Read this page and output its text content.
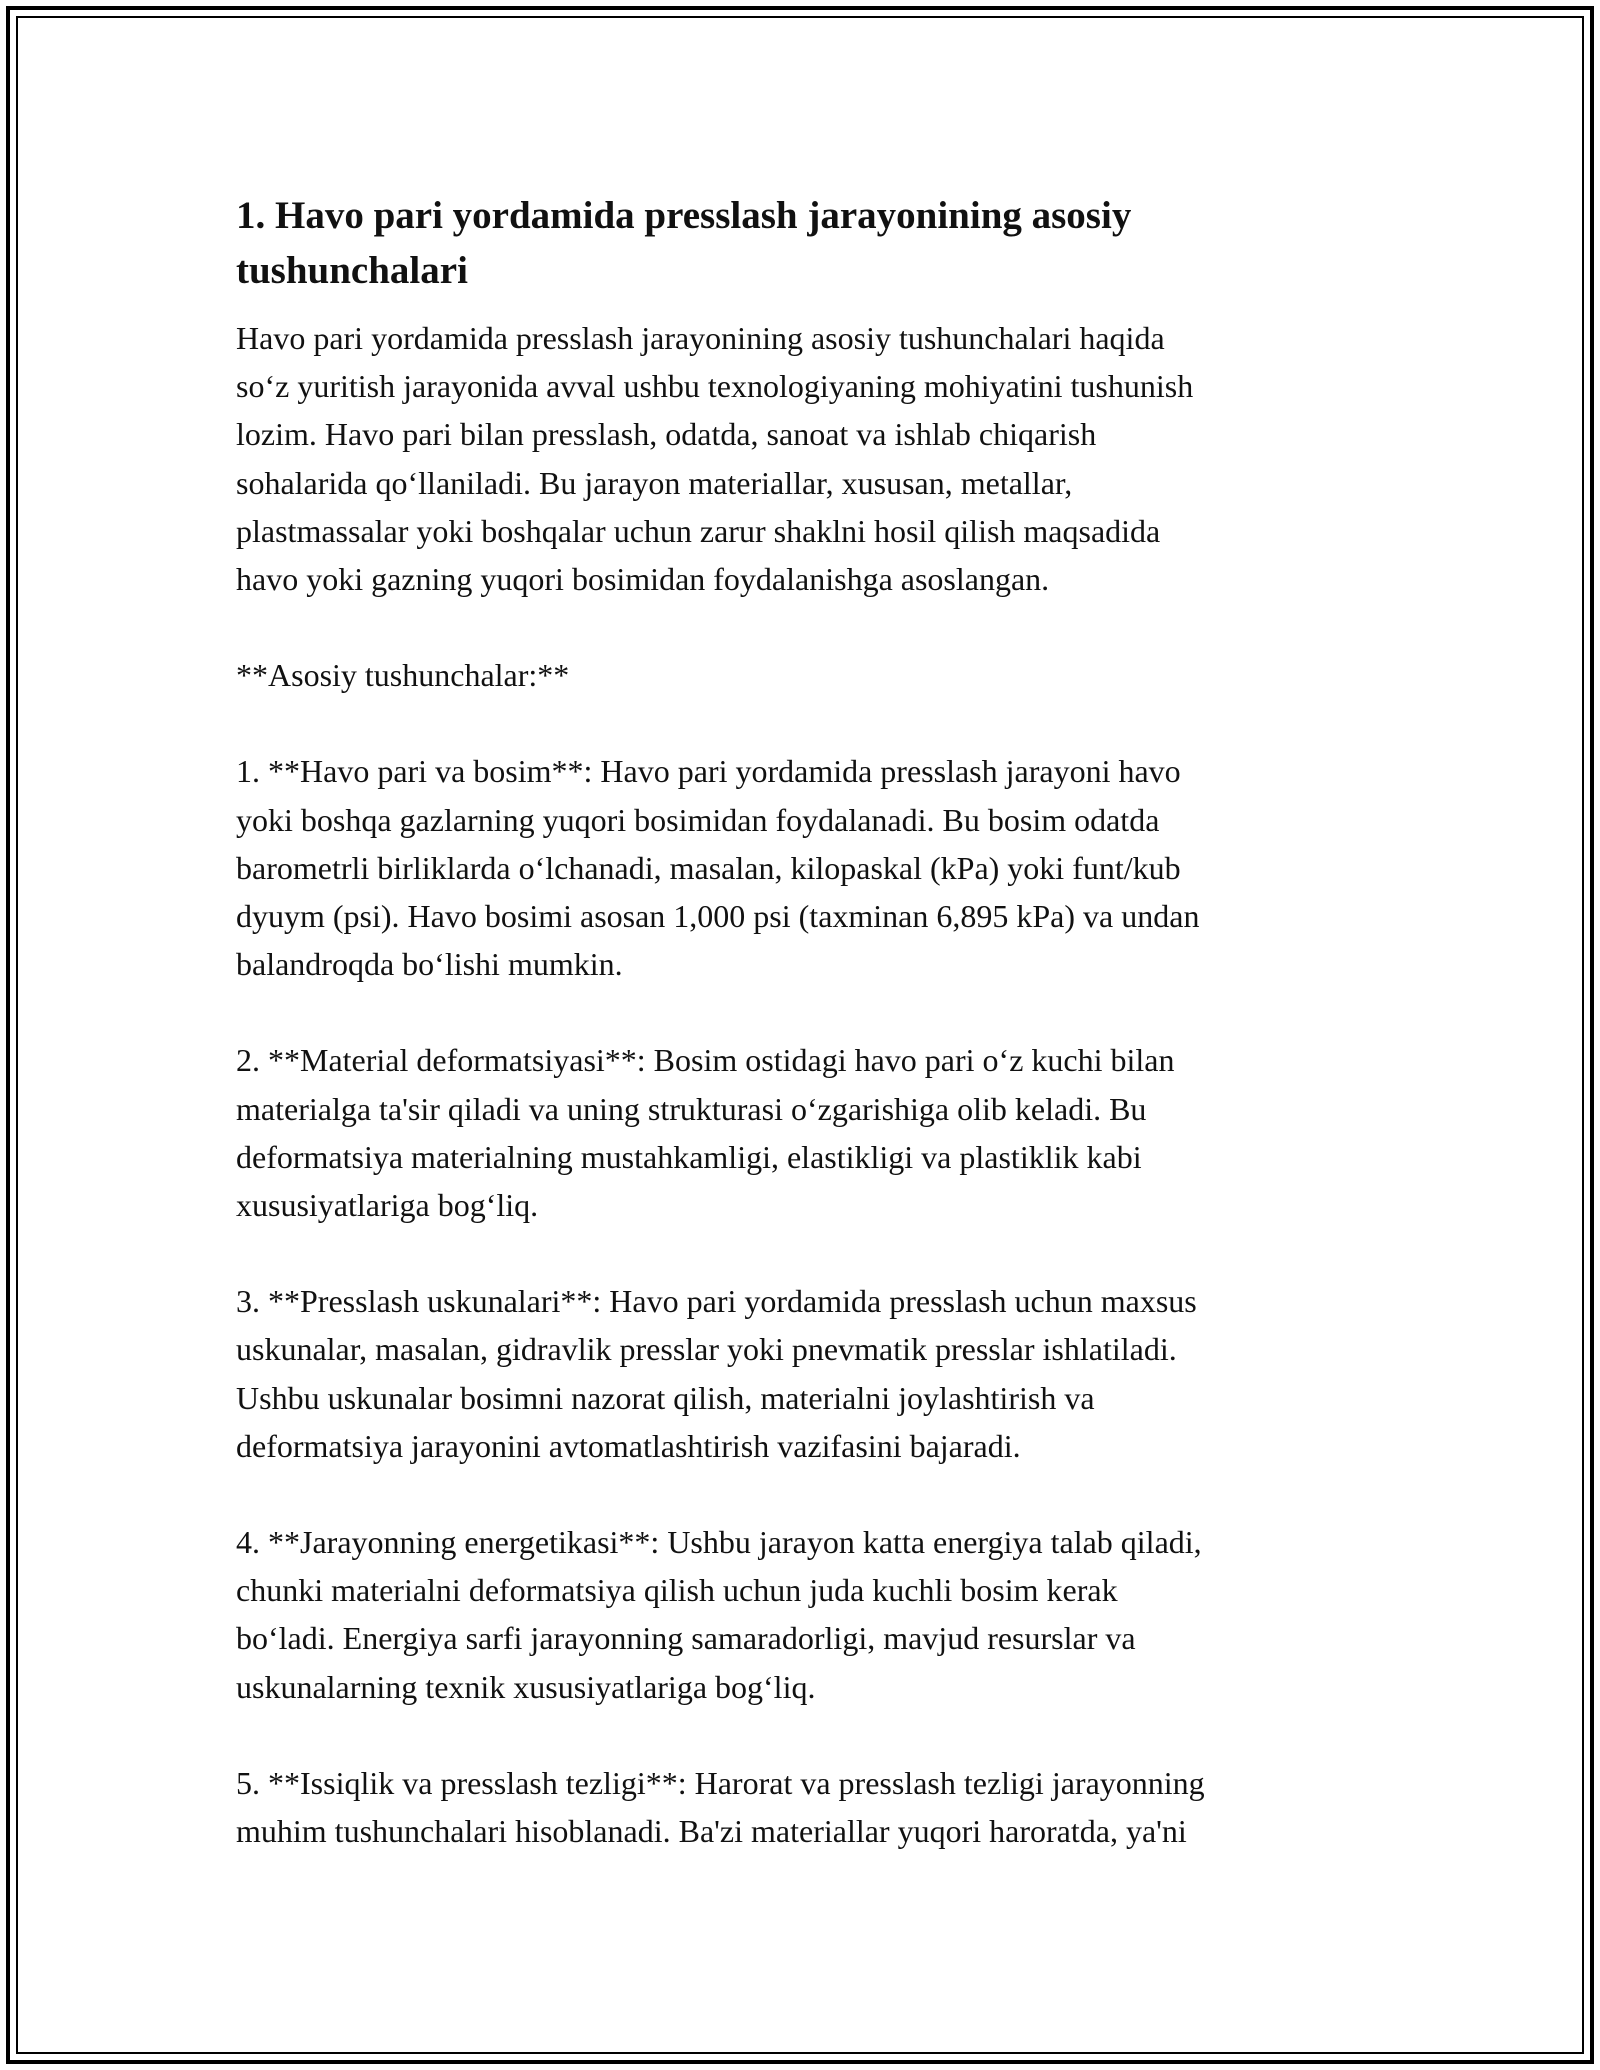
1. Havo pari yordamida presslash jarayonining asosiy
tushunchalari

Havo pari yordamida presslash jarayonining asosiy tushunchalari haqida
so‘z yuritish jarayonida avval ushbu texnologiyaning mohiyatini tushunish
lozim. Havo pari bilan presslash, odatda, sanoat va ishlab chiqarish
sohalarida qo‘llaniladi. Bu jarayon materiallar, xususan, metallar,
plastmassalar yoki boshqalar uchun zarur shaklni hosil qilish maqsadida
havo yoki gazning yuqori bosimidan foydalanishga asoslangan.

**Asosiy tushunchalar:**

1. **Havo pari va bosim**: Havo pari yordamida presslash jarayoni havo
yoki boshqa gazlarning yuqori bosimidan foydalanadi. Bu bosim odatda
barometrli birliklarda o‘lchanadi, masalan, kilopaskal (kPa) yoki funt/kub
dyuym (psi). Havo bosimi asosan 1,000 psi (taxminan 6,895 kPa) va undan
balandroqda bo‘lishi mumkin.

2. **Material deformatsiyasi**: Bosim ostidagi havo pari o‘z kuchi bilan
materialga ta'sir qiladi va uning strukturasi o‘zgarishiga olib keladi. Bu
deformatsiya materialning mustahkamligi, elastikligi va plastiklik kabi
xususiyatlariga bog‘liq.

3. **Presslash uskunalari**: Havo pari yordamida presslash uchun maxsus
uskunalar, masalan, gidravlik presslar yoki pnevmatik presslar ishlatiladi.
Ushbu uskunalar bosimni nazorat qilish, materialni joylashtirish va
deformatsiya jarayonini avtomatlashtirish vazifasini bajaradi.

4. **Jarayonning energetikasi**: Ushbu jarayon katta energiya talab qiladi,
chunki materialni deformatsiya qilish uchun juda kuchli bosim kerak
bo‘ladi. Energiya sarfi jarayonning samaradorligi, mavjud resurslar va
uskunalarning texnik xususiyatlariga bog‘liq.

5. **Issiqlik va presslash tezligi**: Harorat va presslash tezligi jarayonning
muhim tushunchalari hisoblanadi. Ba'zi materiallar yuqori haroratda, ya'ni
